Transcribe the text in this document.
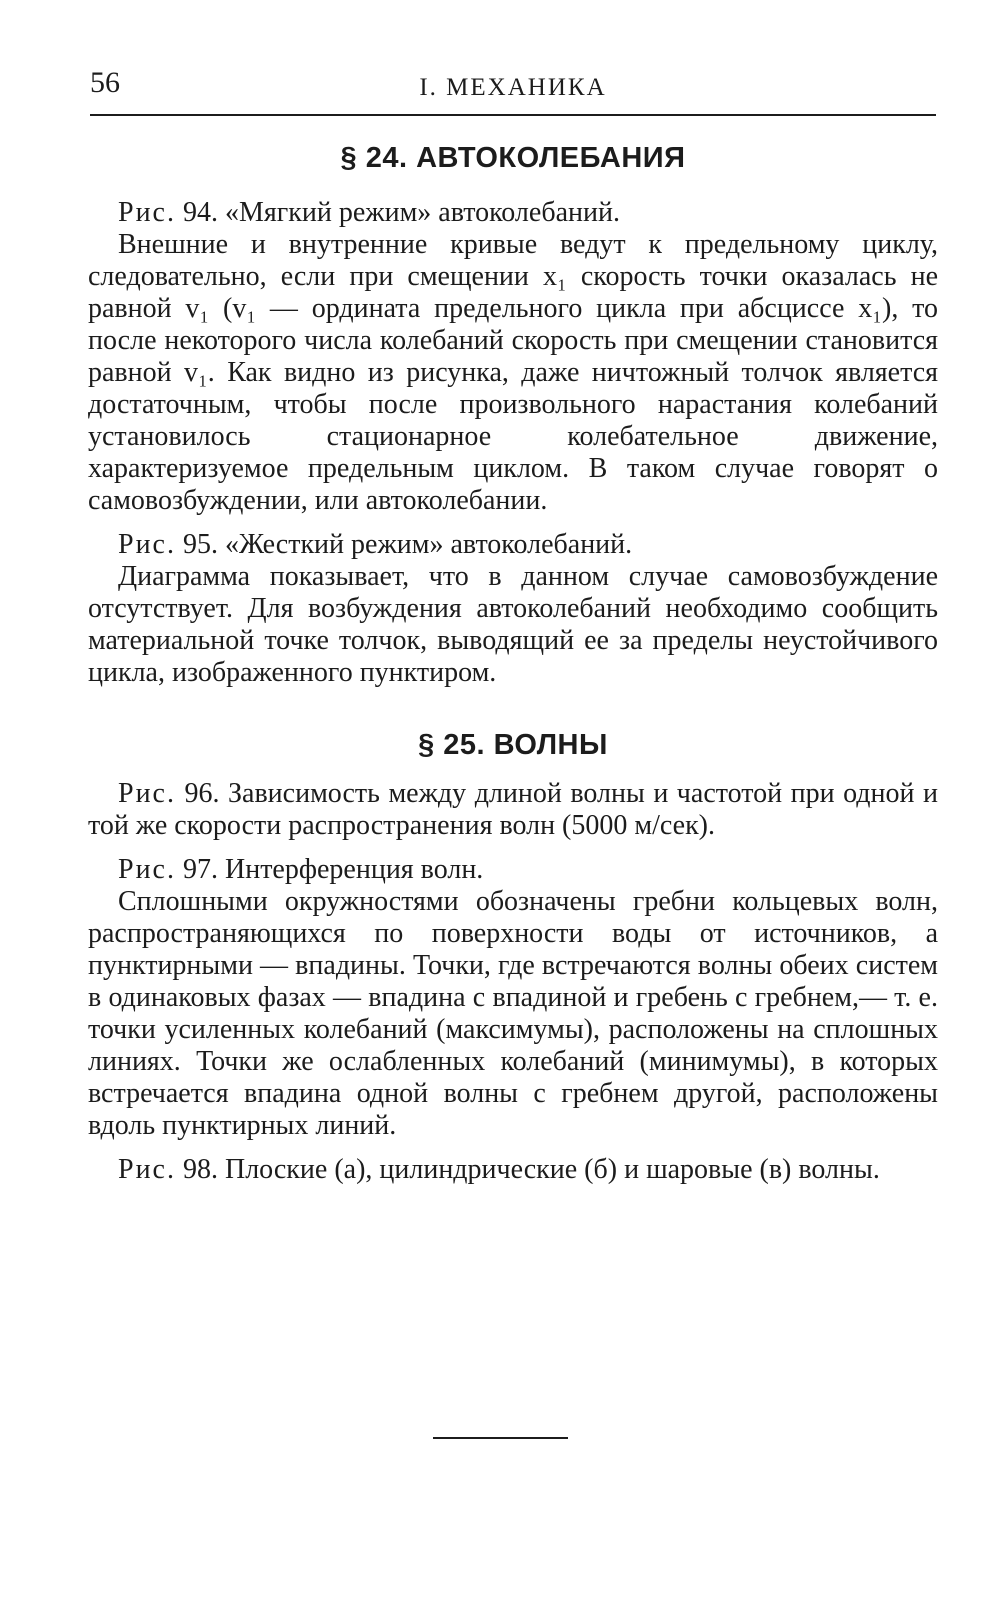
56	I. МЕХАНИКА
§ 24. АВТОКОЛЕБАНИЯ

Рис. 94. «Мягкий режим» автоколебаний.

Внешние и внутренние кривые ведут к предельному циклу, следовательно, если при смещении x₁ скорость точки оказалась не равной v₁ (v₁ — ордината предельного цикла при абсциссе x₁), то после некоторого числа колебаний скорость при смещении становится равной v₁. Как видно из рисунка, даже ничтожный толчок является достаточным, чтобы после произвольного нарастания колебаний установилось стационарное колебательное движение, характеризуемое предельным циклом. В таком случае говорят о самовозбуждении, или автоколебании.

Рис. 95. «Жесткий режим» автоколебаний.

Диаграмма показывает, что в данном случае самовозбуждение отсутствует. Для возбуждения автоколебаний необходимо сообщить материальной точке толчок, выводящий ее за пределы неустойчивого цикла, изображенного пунктиром.

§ 25. ВОЛНЫ

Рис. 96. Зависимость между длиной волны и частотой при одной и той же скорости распространения волн (5000 м/сек).

Рис. 97. Интерференция волн.

Сплошными окружностями обозначены гребни кольцевых волн, распространяющихся по поверхности воды от источников, а пунктирными — впадины. Точки, где встречаются волны обеих систем в одинаковых фазах — впадина с впадиной и гребень с гребнем,— т. е. точки усиленных колебаний (максимумы), расположены на сплошных линиях. Точки же ослабленных колебаний (минимумы), в которых встречается впадина одной волны с гребнем другой, расположены вдоль пунктирных линий.

Рис. 98. Плоские (а), цилиндрические (б) и шаровые (в) волны.
